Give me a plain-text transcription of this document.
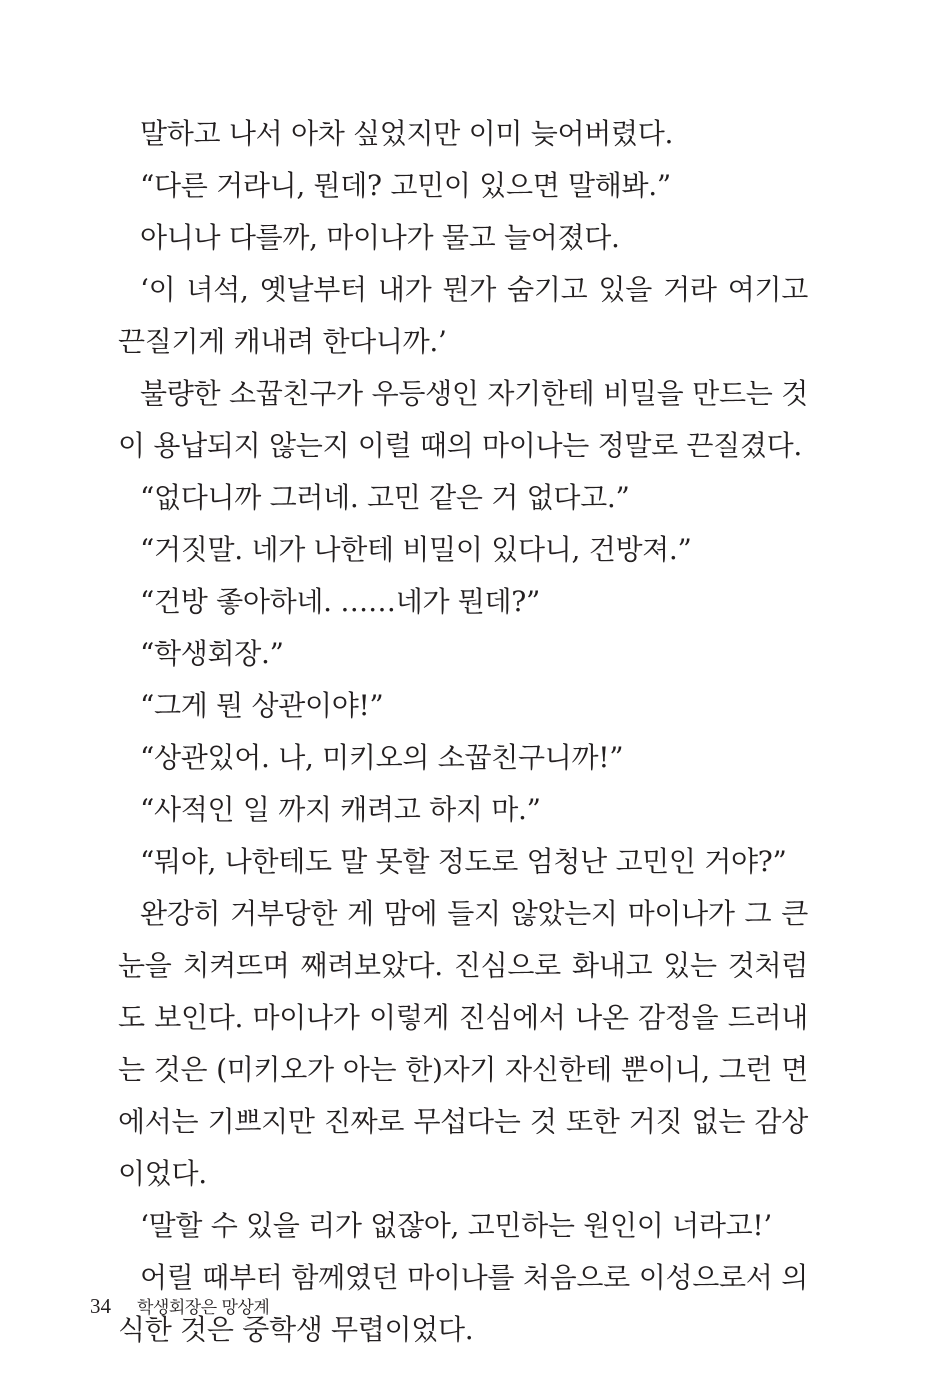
말하고 나서 아차 싶었지만 이미 늦어버렸다.

“다른 거라니, 뭔데? 고민이 있으면 말해봐.”

아니나 다를까, 마이나가 물고 늘어졌다.

‘이 녀석, 옛날부터 내가 뭔가 숨기고 있을 거라 여기고 끈질기게 캐내려 한다니까.’

불량한 소꿉친구가 우등생인 자기한테 비밀을 만드는 것이 용납되지 않는지 이럴 때의 마이나는 정말로 끈질겼다.

“없다니까 그러네. 고민 같은 거 없다고.”

“거짓말. 네가 나한테 비밀이 있다니, 건방져.”

“건방 좋아하네. ……네가 뭔데?”

“학생회장.”

“그게 뭔 상관이야!”

“상관있어. 나, 미키오의 소꿉친구니까!”

“사적인 일 까지 캐려고 하지 마.”

“뭐야, 나한테도 말 못할 정도로 엄청난 고민인 거야?”

완강히 거부당한 게 맘에 들지 않았는지 마이나가 그 큰 눈을 치켜뜨며 째려보았다. 진심으로 화내고 있는 것처럼도 보인다. 마이나가 이렇게 진심에서 나온 감정을 드러내는 것은 (미키오가 아는 한)자기 자신한테 뿐이니, 그런 면에서는 기쁘지만 진짜로 무섭다는 것 또한 거짓 없는 감상이었다.

‘말할 수 있을 리가 없잖아, 고민하는 원인이 너라고!’

어릴 때부터 함께였던 마이나를 처음으로 이성으로서 의식한 것은 중학생 무렵이었다.

34 학생회장은 망상계
